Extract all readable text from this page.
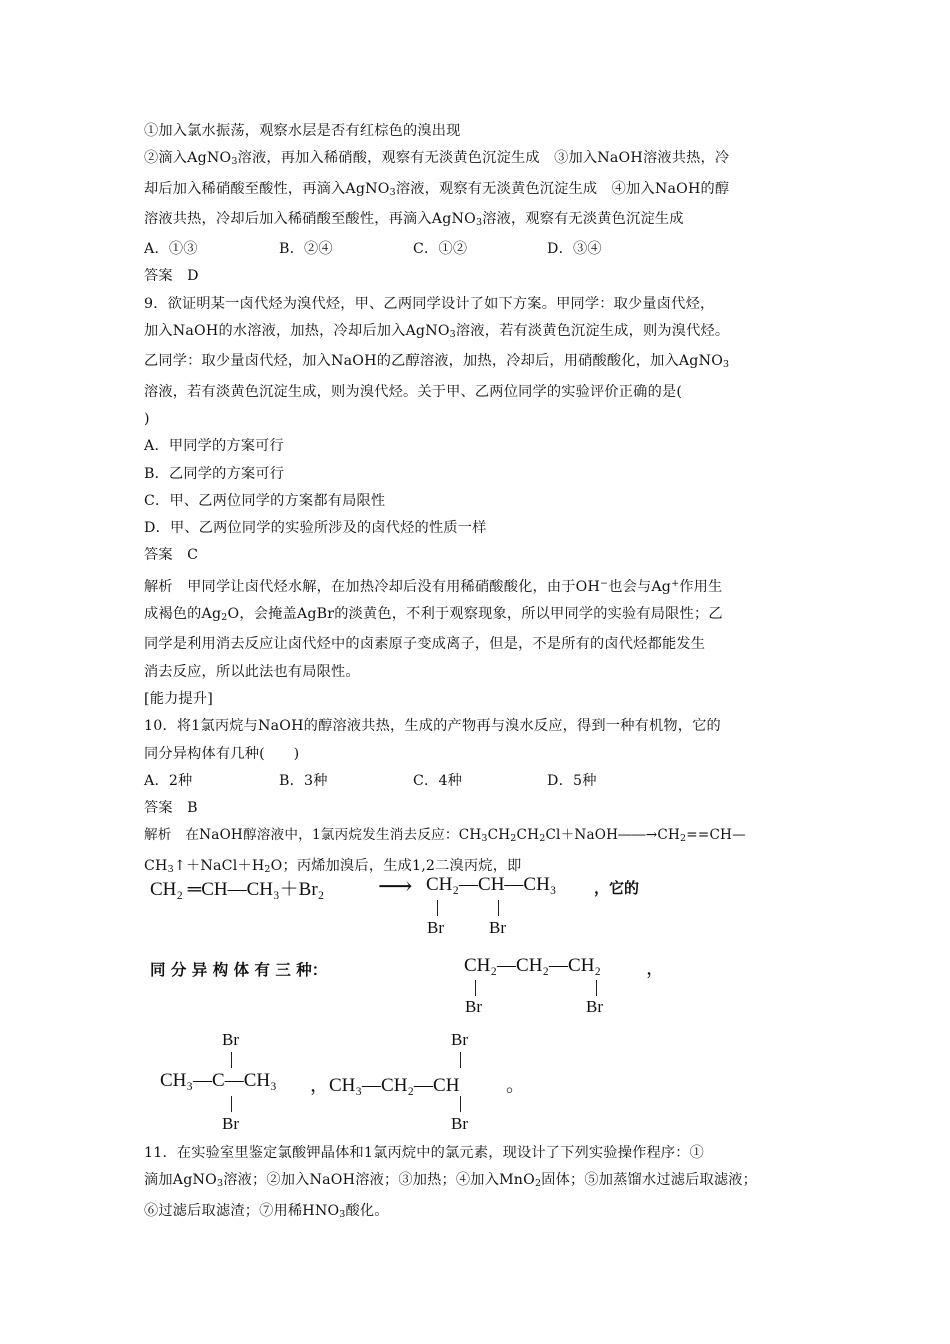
①加入氯水振荡，观察水层是否有红棕色的溴出现
②滴入AgNO$_3$溶液，再加入稀硝酸，观察有无淡黄色沉淀生成　③加入NaOH溶液共热，冷
却后加入稀硝酸至酸性，再滴入AgNO$_3$溶液，观察有无淡黄色沉淀生成　④加入NaOH的醇
溶液共热，冷却后加入稀硝酸至酸性，再滴入AgNO$_3$溶液，观察有无淡黄色沉淀生成
A．①③	B．②④	C．①②	D．③④
答案　D
9．欲证明某一卤代烃为溴代烃，甲、乙两同学设计了如下方案。甲同学：取少量卤代烃，
加入NaOH的水溶液，加热，冷却后加入AgNO$_3$溶液，若有淡黄色沉淀生成，则为溴代烃。
乙同学：取少量卤代烃，加入NaOH的乙醇溶液，加热，冷却后，用硝酸酸化，加入AgNO$_3$
溶液，若有淡黄色沉淀生成，则为溴代烃。关于甲、乙两位同学的实验评价正确的是(
)
A．甲同学的方案可行
B．乙同学的方案可行
C．甲、乙两位同学的方案都有局限性
D．甲、乙两位同学的实验所涉及的卤代烃的性质一样
答案　C
解析　甲同学让卤代烃水解，在加热冷却后没有用稀硝酸酸化，由于OH−也会与Ag+作用生
成褐色的$Ag_2O$，会掩盖AgBr的淡黄色，不利于观察现象，所以甲同学的实验有局限性；乙
同学是利用消去反应让卤代烃中的卤素原子变成离子，但是，不是所有的卤代烃都能发生
消去反应，所以此法也有局限性。
[能力提升]
10．将1氯丙烷与NaOH的醇溶液共热，生成的产物再与溴水反应，得到一种有机物，它的
同分异构体有几种(　　)
A．2种	B．3种	C．4种	D．5种
答案　B
解析　在NaOH醇溶液中，1氯丙烷发生消去反应：$CH_3CH_2CH_2Cl+NaOH――\to CH_2==CH—$
$CH_3↑+NaCl+H_2O$；丙烯加溴后，生成1,2二溴丙烷，即
CH₂ ═CH—CH₃＋Br₂ ⟶ CH₂—CH—CH₃
Br	Br
，它的
同 分 异 构 体 有 三 种：	CH₂—CH₂—CH₂
Br	Br
，
Br
CH₃—C—CH₃
Br
Br
，CH₃—CH₂—CH
Br
。
11．在实验室里鉴定氯酸钾晶体和1氯丙烷中的氯元素，现设计了下列实验操作程序：①
滴加AgNO$_3$溶液；②加入NaOH溶液；③加热；④加入MnO$_2$固体；⑤加蒸馏水过滤后取滤液；
⑥过滤后取滤渣；⑦用稀$HNO_3$酸化。
